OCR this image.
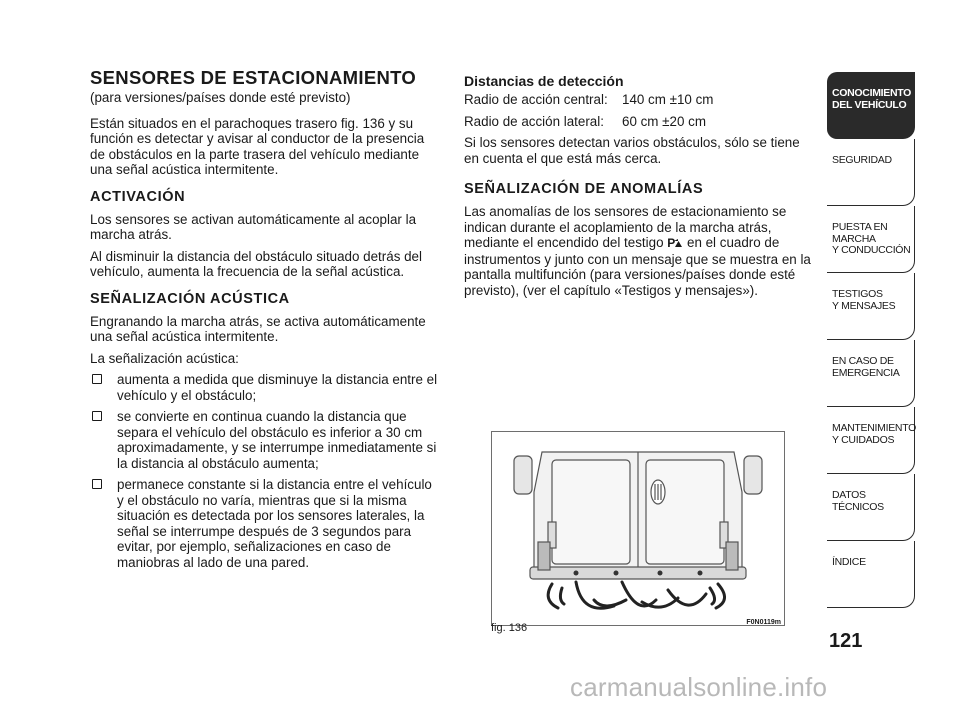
SENSORES DE ESTACIONAMIENTO

(para versiones/países donde esté previsto)

Están situados en el parachoques trasero fig. 136 y su función es detectar y avisar al conductor de la presencia de obstáculos en la parte trasera del vehículo mediante una señal acústica intermitente.

ACTIVACIÓN

Los sensores se activan automáticamente al acoplar la marcha atrás.

Al disminuir la distancia del obstáculo situado detrás del vehículo, aumenta la frecuencia de la señal acústica.

SEÑALIZACIÓN ACÚSTICA

Engranando la marcha atrás, se activa automáticamente una señal acústica intermitente.

La señalización acústica:

aumenta a medida que disminuye la distancia entre el vehículo y el obstáculo;
se convierte en continua cuando la distancia que separa el vehículo del obstáculo es inferior a 30 cm aproximadamente, y se interrumpe inmediatamente si la distancia al obstáculo aumenta;
permanece constante si la distancia entre el vehículo y el obstáculo no varía, mientras que si la misma situación es detectada por los sensores laterales, la señal se interrumpe después de 3 segundos para evitar, por ejemplo, señalizaciones en caso de maniobras al lado de una pared.
Distancias de detección

Radio de acción central:	140 cm ±10 cm

Radio de acción lateral:	60 cm ±20 cm

Si los sensores detectan varios obstáculos, sólo se tiene en cuenta el que está más cerca.

SEÑALIZACIÓN DE ANOMALÍAS

Las anomalías de los sensores de estacionamiento se indican durante el acoplamiento de la marcha atrás, mediante el encendido del testigo P en el cuadro de instrumentos y junto con un mensaje que se muestra en la pantalla multifunción (para versiones/países donde esté previsto), (ver el capítulo «Testigos y mensajes»).

fig. 136	F0N0119m
CONOCIMIENTO
DEL VEHÍCULO
SEGURIDAD
PUESTA EN
MARCHA
Y CONDUCCIÓN
TESTIGOS
Y MENSAJES
EN CASO DE
EMERGENCIA
MANTENIMIENTO
Y CUIDADOS
DATOS
TÉCNICOS
ÍNDICE
121
carmanualsonline.info
